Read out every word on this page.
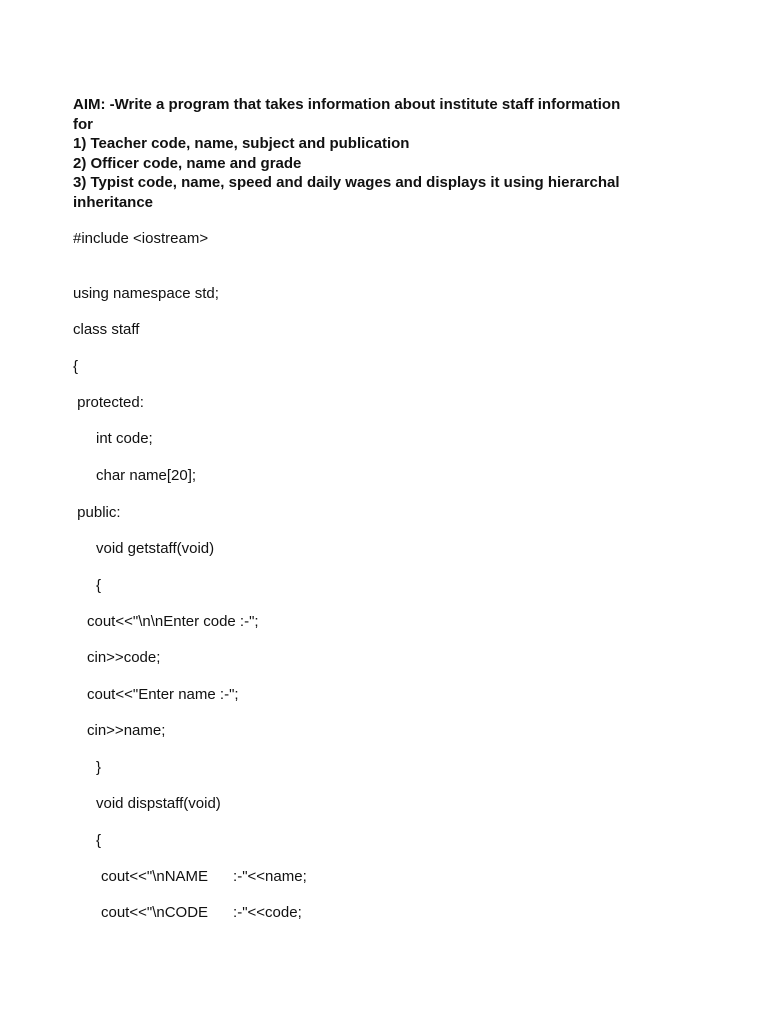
AIM: -Write a program that takes information about institute staff information
for
1) Teacher code, name, subject and publication
2) Officer code, name and grade
3) Typist code, name, speed and daily wages and displays it using hierarchal
inheritance
#include <iostream>
using namespace std;
class staff
{
protected:
int code;
char name[20];
public:
void getstaff(void)
{
cout<<"\n\nEnter code :-";
cin>>code;
cout<<"Enter name :-";
cin>>name;
}
void dispstaff(void)
{
cout<<"\nNAME      :-"<<name;
cout<<"\nCODE      :-"<<code;
